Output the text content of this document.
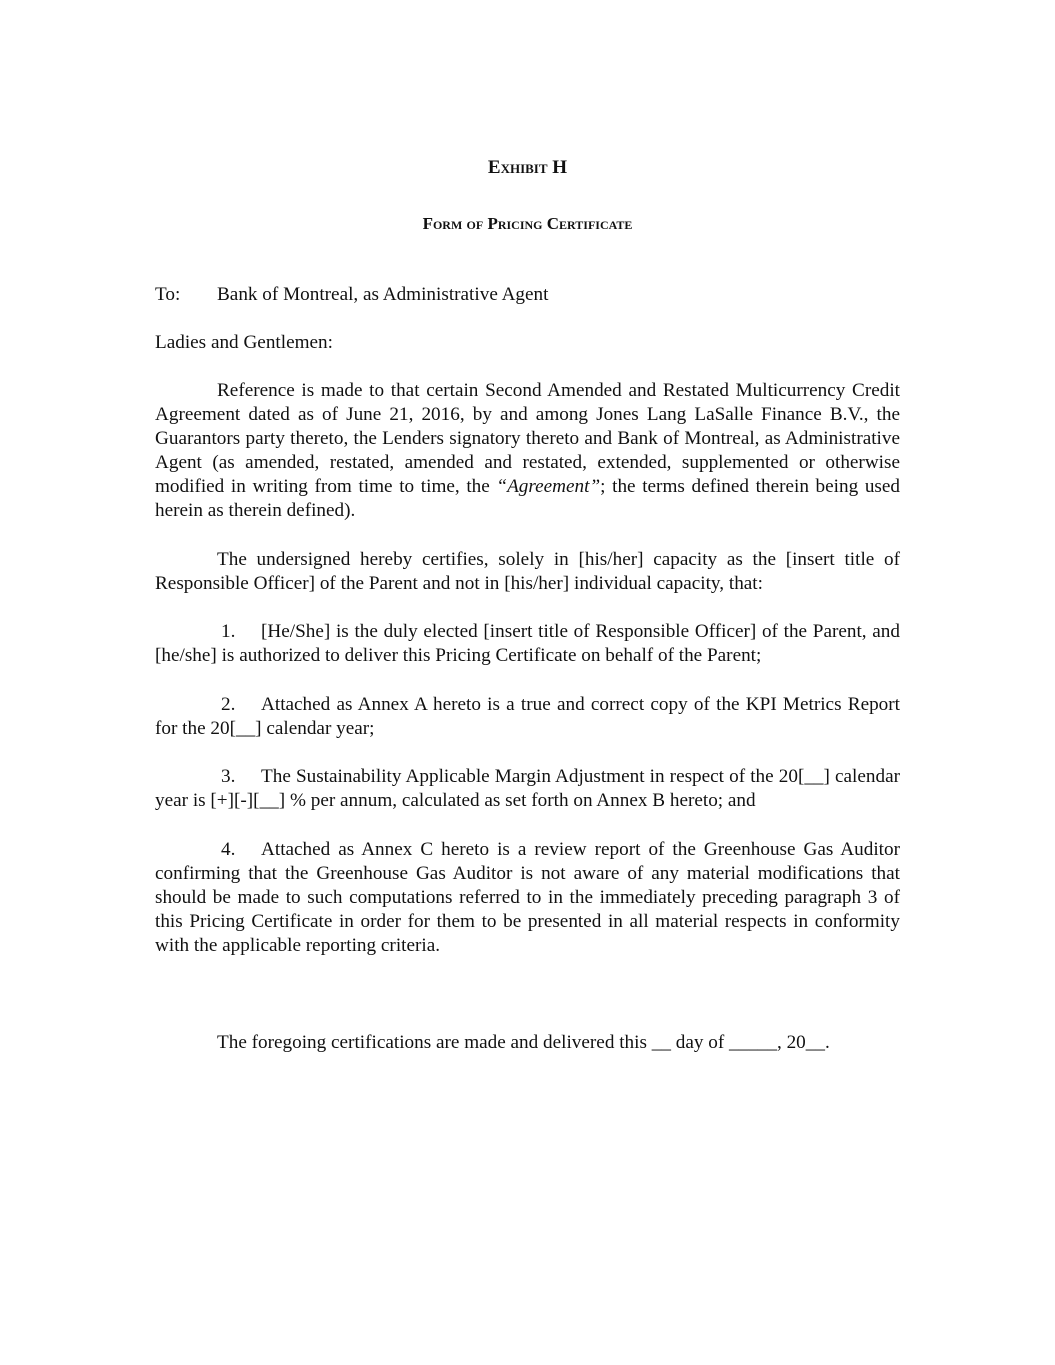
Exhibit H
Form of Pricing Certificate
To: Bank of Montreal, as Administrative Agent
Ladies and Gentlemen:
Reference is made to that certain Second Amended and Restated Multicurrency Credit Agreement dated as of June 21, 2016, by and among Jones Lang LaSalle Finance B.V., the Guarantors party thereto, the Lenders signatory thereto and Bank of Montreal, as Administrative Agent (as amended, restated, amended and restated, extended, supplemented or otherwise modified in writing from time to time, the “Agreement”; the terms defined therein being used herein as therein defined).
The undersigned hereby certifies, solely in [his/her] capacity as the [insert title of Responsible Officer] of the Parent and not in [his/her] individual capacity, that:
1. [He/She] is the duly elected [insert title of Responsible Officer] of the Parent, and [he/she] is authorized to deliver this Pricing Certificate on behalf of the Parent;
2. Attached as Annex A hereto is a true and correct copy of the KPI Metrics Report for the 20[__] calendar year;
3. The Sustainability Applicable Margin Adjustment in respect of the 20[__] calendar year is [+][-][__] % per annum, calculated as set forth on Annex B hereto; and
4. Attached as Annex C hereto is a review report of the Greenhouse Gas Auditor confirming that the Greenhouse Gas Auditor is not aware of any material modifications that should be made to such computations referred to in the immediately preceding paragraph 3 of this Pricing Certificate in order for them to be presented in all material respects in conformity with the applicable reporting criteria.
The foregoing certifications are made and delivered this __ day of _____, 20__.
